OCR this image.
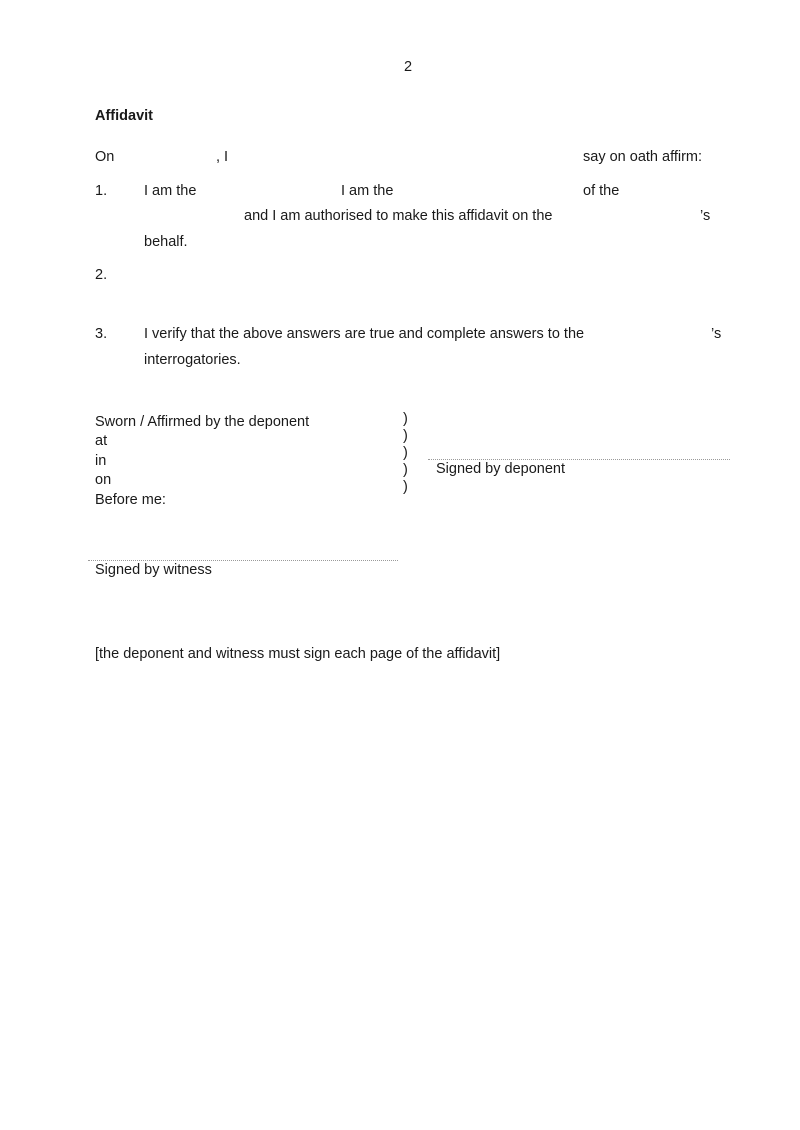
2
Affidavit
On	, I	say on oath affirm:
1.	I am the	I am the	of the
and I am authorised to make this affidavit on the	’s
behalf.
2.
3.	I verify that the above answers are true and complete answers to the	’s
interrogatories.
Sworn / Affirmed by the deponent
at
in
on
Before me:
)
)
)
)
)
Signed by deponent
Signed by witness
[the deponent and witness must sign each page of the affidavit]
